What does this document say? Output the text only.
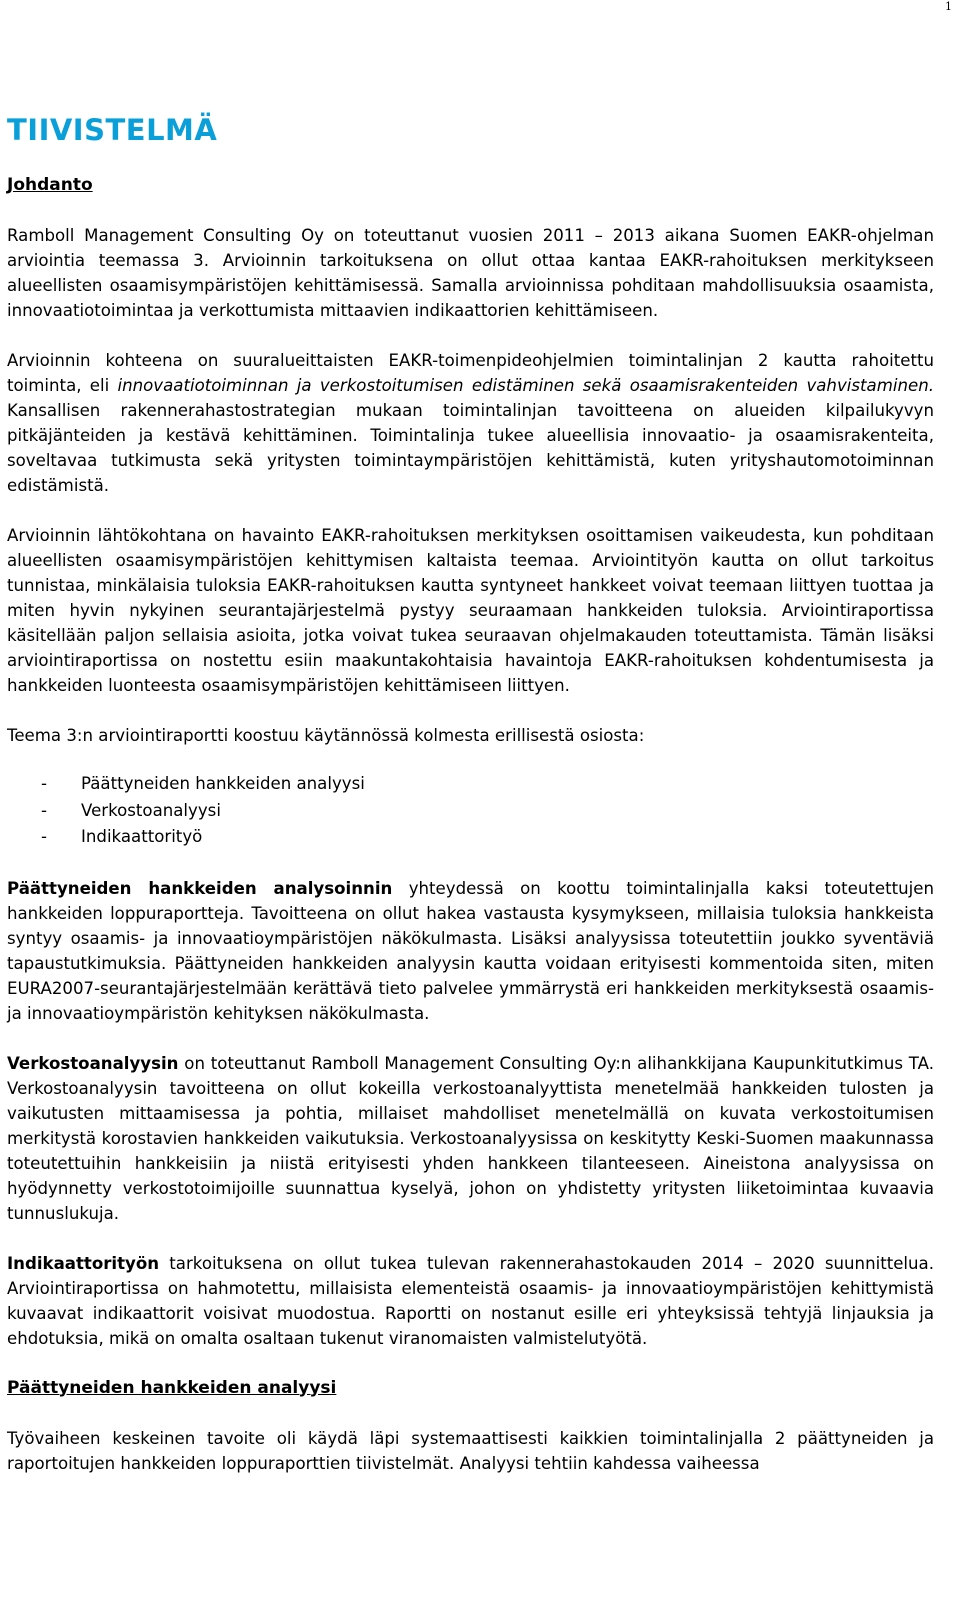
1
TIIVISTELMÄ
Johdanto

Ramboll Management Consulting Oy on toteuttanut vuosien 2011 – 2013 aikana Suomen EAKR-ohjelman arviointia teemassa 3. Arvioinnin tarkoituksena on ollut ottaa kantaa EAKR-rahoituksen merkitykseen alueellisten osaamisympäristöjen kehittämisessä. Samalla arvioinnissa pohditaan mahdollisuuksia osaamista, innovaatiotoimintaa ja verkottumista mittaavien indikaattorien kehittämiseen.

Arvioinnin kohteena on suuralueittaisten EAKR-toimenpideohjelmien toimintalinjan 2 kautta rahoitettu toiminta, eli innovaatiotoiminnan ja verkostoitumisen edistäminen sekä osaamisrakenteiden vahvistaminen. Kansallisen rakennerahastostrategian mukaan toimintalinjan tavoitteena on alueiden kilpailukyvyn pitkäjänteiden ja kestävä kehittäminen. Toimintalinja tukee alueellisia innovaatio- ja osaamisrakenteita, soveltavaa tutkimusta sekä yritysten toimintaympäristöjen kehittämistä, kuten yrityshautomotoiminnan edistämistä.

Arvioinnin lähtökohtana on havainto EAKR-rahoituksen merkityksen osoittamisen vaikeudesta, kun pohditaan alueellisten osaamisympäristöjen kehittymisen kaltaista teemaa. Arviointityön kautta on ollut tarkoitus tunnistaa, minkälaisia tuloksia EAKR-rahoituksen kautta syntyneet hankkeet voivat teemaan liittyen tuottaa ja miten hyvin nykyinen seurantajärjestelmä pystyy seuraamaan hankkeiden tuloksia. Arviointiraportissa käsitellään paljon sellaisia asioita, jotka voivat tukea seuraavan ohjelmakauden toteuttamista. Tämän lisäksi arviointiraportissa on nostettu esiin maakuntakohtaisia havaintoja EAKR-rahoituksen kohdentumisesta ja hankkeiden luonteesta osaamisympäristöjen kehittämiseen liittyen.

Teema 3:n arviointiraportti koostuu käytännössä kolmesta erillisestä osiosta:

- Päättyneiden hankkeiden analyysi
- Verkostoanalyysi
- Indikaattorityö

Päättyneiden hankkeiden analysoinnin yhteydessä on koottu toimintalinjalla kaksi toteutettujen hankkeiden loppuraportteja. Tavoitteena on ollut hakea vastausta kysymykseen, millaisia tuloksia hankkeista syntyy osaamis- ja innovaatioympäristöjen näkökulmasta. Lisäksi analyysissa toteutettiin joukko syventäviä tapaustutkimuksia. Päättyneiden hankkeiden analyysin kautta voidaan erityisesti kommentoida siten, miten EURA2007-seurantajärjestelmään kerättävä tieto palvelee ymmärrystä eri hankkeiden merkityksestä osaamis- ja innovaatioympäristön kehityksen näkökulmasta.

Verkostoanalyysin on toteuttanut Ramboll Management Consulting Oy:n alihankkijana Kaupunkitutkimus TA. Verkostoanalyysin tavoitteena on ollut kokeilla verkostoanalyyttista menetelmää hankkeiden tulosten ja vaikutusten mittaamisessa ja pohtia, millaiset mahdolliset menetelmällä on kuvata verkostoitumisen merkitystä korostavien hankkeiden vaikutuksia. Verkostoanalyysissa on keskitytty Keski-Suomen maakunnassa toteutettuihin hankkeisiin ja niistä erityisesti yhden hankkeen tilanteeseen. Aineistona analyysissa on hyödynnetty verkostotoimijoille suunnattua kyselyä, johon on yhdistetty yritysten liiketoimintaa kuvaavia tunnuslukuja.

Indikaattorityön tarkoituksena on ollut tukea tulevan rakennerahastokauden 2014 – 2020 suunnittelua. Arviointiraportissa on hahmotettu, millaisista elementeistä osaamis- ja innovaatioympäristöjen kehittymistä kuvaavat indikaattorit voisivat muodostua. Raportti on nostanut esille eri yhteyksissä tehtyjä linjauksia ja ehdotuksia, mikä on omalta osaltaan tukenut viranomaisten valmistelutyötä.

Päättyneiden hankkeiden analyysi

Työvaiheen keskeinen tavoite oli käydä läpi systemaattisesti kaikkien toimintalinjalla 2 päättyneiden ja raportoitujen hankkeiden loppuraporttien tiivistelmät. Analyysi tehtiin kahdessa vaiheessa
